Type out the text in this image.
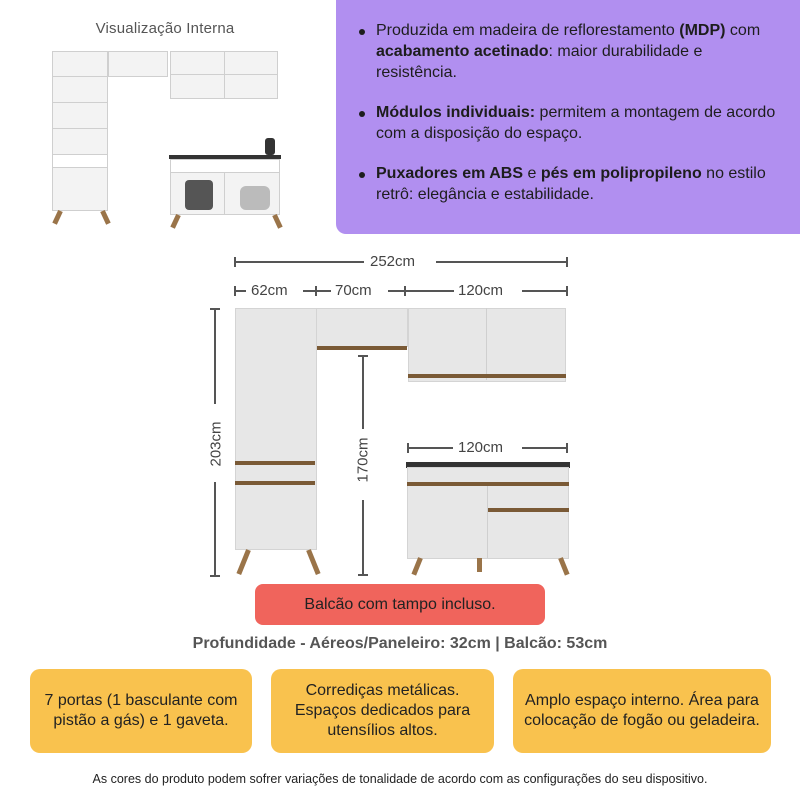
Visualização Interna	Produzida em madeira de reflorestamento (MDP) com acabamento acetinado: maior durabilidade e resistência.
Módulos individuais: permitem a montagem de acordo com a disposição do espaço.
Puxadores em ABS e pés em polipropileno no estilo retrô: elegância e estabilidade.
252cm
62cm	70cm	120cm
203cm	170cm	120cm
Balcão com tampo incluso.
Profundidade - Aéreos/Paneleiro: 32cm | Balcão: 53cm
7 portas (1 basculante com pistão a gás) e 1 gaveta.
Corrediças metálicas. Espaços dedicados para utensílios altos.
Amplo espaço interno. Área para colocação de fogão ou geladeira.
As cores do produto podem sofrer variações de tonalidade de acordo com as configurações do seu dispositivo.
